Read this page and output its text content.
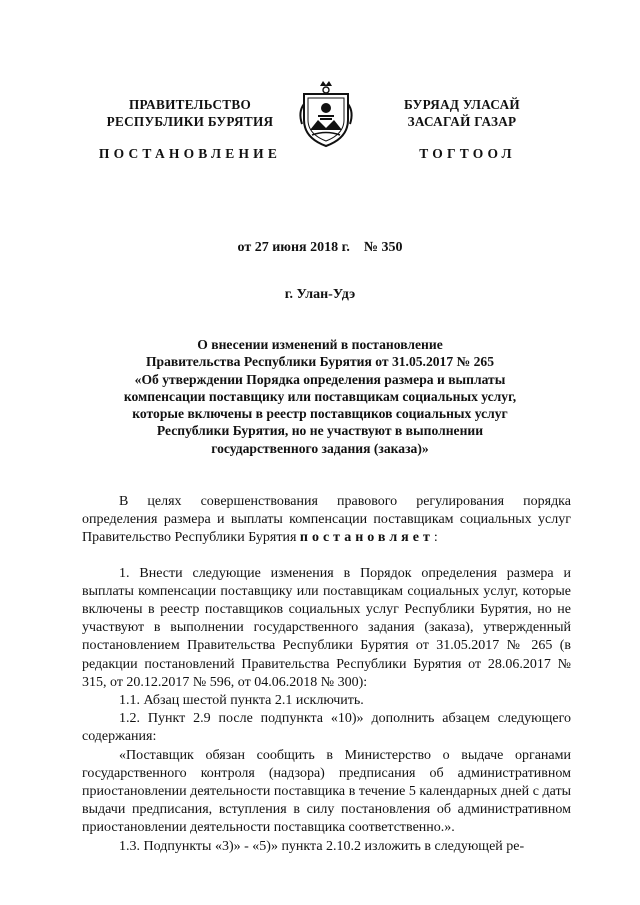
ПРАВИТЕЛЬСТВО
РЕСПУБЛИКИ БУРЯТИЯ
БУРЯАД УЛАСАЙ
ЗАСАГАЙ ГАЗАР
ПОСТАНОВЛЕНИЕ	ТОГТООЛ
от 27 июня 2018 г.    № 350
г. Улан-Удэ
О внесении изменений в постановление
Правительства Республики Бурятия от 31.05.2017 № 265
«Об утверждении Порядка определения размера и выплаты
компенсации поставщику или поставщикам социальных услуг,
которые включены в реестр поставщиков социальных услуг
Республики Бурятия, но не участвуют в выполнении
государственного задания (заказа)»

В целях совершенствования правового регулирования порядка определения размера и выплаты компенсации поставщикам социальных услуг Правительство Республики Бурятия постановляет:

1. Внести следующие изменения в Порядок определения размера и выплаты компенсации поставщику или поставщикам социальных услуг, которые включены в реестр поставщиков социальных услуг Республики Бурятия, но не участвуют в выполнении государственного задания (заказа), утвержденный постановлением Правительства Республики Бурятия от 31.05.2017 № 265 (в редакции постановлений Правительства Республики Бурятия от 28.06.2017 № 315, от 20.12.2017 № 596, от 04.06.2018 № 300):

1.1. Абзац шестой пункта 2.1 исключить.

1.2. Пункт 2.9 после подпункта «10)» дополнить абзацем следующего содержания:

«Поставщик обязан сообщить в Министерство о выдаче органами государственного контроля (надзора) предписания об административном приостановлении деятельности поставщика в течение 5 календарных дней с даты выдачи предписания, вступления в силу постановления об административном приостановлении деятельности поставщика соответственно.».

1.3. Подпункты «3)» - «5)» пункта 2.10.2 изложить в следующей ре-
